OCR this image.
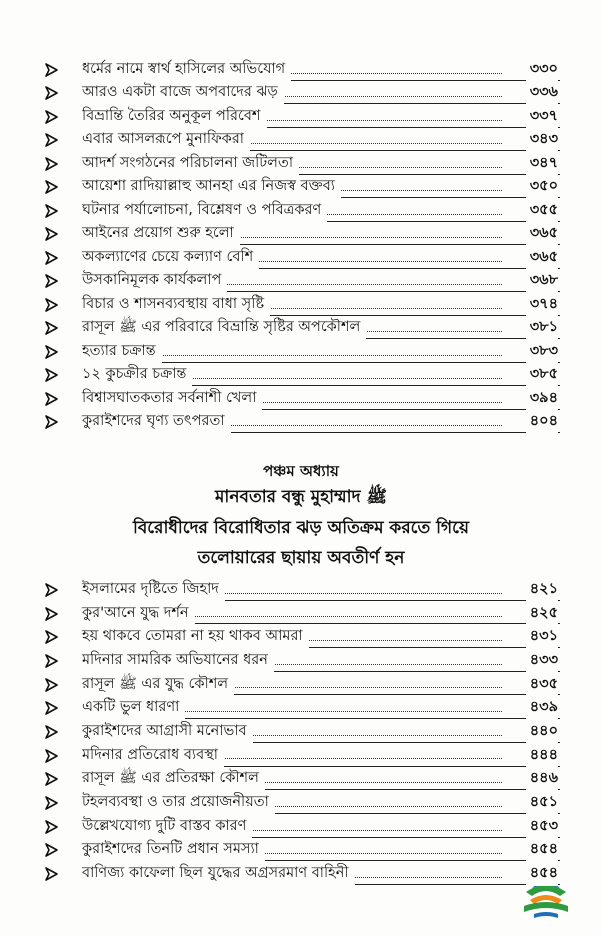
ধর্মের নামে স্বার্থ হাসিলের অভিযোগ	৩৩০
আরও একটা বাজে অপবাদের ঝড়	৩৩৬
বিভ্রান্তি তৈরির অনুকূল পরিবেশ	৩৩৭
এবার আসলরূপে মুনাফিকরা	৩৪৩
আদর্শ সংগঠনের পরিচালনা জটিলতা	৩৪৭
আয়েশা রাদিয়াল্লাহু আনহা এর নিজস্ব বক্তব্য	৩৫০
ঘটনার পর্যালোচনা, বিশ্লেষণ ও পবিত্রকরণ	৩৫৫
আইনের প্রয়োগ শুরু হলো	৩৬৫
অকল্যাণের চেয়ে কল্যাণ বেশি	৩৬৫
উসকানিমূলক কার্যকলাপ	৩৬৮
বিচার ও শাসনব্যবস্থায় বাধা সৃষ্টি	৩৭৪
রাসূল ﷺ এর পরিবারে বিভ্রান্তি সৃষ্টির অপকৌশল	৩৮১
হত্যার চক্রান্ত	৩৮৩
১২ কুচক্রীর চক্রান্ত	৩৮৫
বিশ্বাসঘাতকতার সর্বনাশী খেলা	৩৯৪
কুরাইশদের ঘৃণ্য তৎপরতা	৪০৪
পঞ্চম অধ্যায়
মানবতার বন্ধু মুহাম্মাদ ﷺ
বিরোধীদের বিরোধিতার ঝড় অতিক্রম করতে গিয়ে
তলোয়ারের ছায়ায় অবতীর্ণ হন
ইসলামের দৃষ্টিতে জিহাদ	৪২১
কুর'আনে যুদ্ধ দর্শন	৪২৫
হয় থাকবে তোমরা না হয় থাকব আমরা	৪৩১
মদিনার সামরিক অভিযানের ধরন	৪৩৩
রাসূল ﷺ এর যুদ্ধ কৌশল	৪৩৫
একটি ভুল ধারণা	৪৩৯
কুরাইশদের আগ্রাসী মনোভাব	৪৪০
মদিনার প্রতিরোধ ব্যবস্থা	৪৪৪
রাসূল ﷺ এর প্রতিরক্ষা কৌশল	৪৪৬
টহলব্যবস্থা ও তার প্রয়োজনীয়তা	৪৫১
উল্লেখযোগ্য দুটি বাস্তব কারণ	৪৫৩
কুরাইশদের তিনটি প্রধান সমস্যা	৪৫৪
বাণিজ্য কাফেলা ছিল যুদ্ধের অগ্রসরমাণ বাহিনী	৪৫৪
